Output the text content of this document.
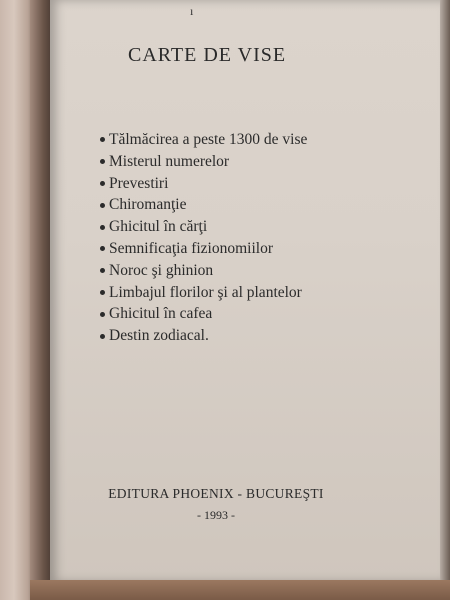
ı
CARTE DE VISE
Tălmăcirea a peste 1300 de vise
Misterul numerelor
Prevestiri
Chiromanţie
Ghicitul în cărţi
Semnificaţia fizionomiilor
Noroc şi ghinion
Limbajul florilor şi al plantelor
Ghicitul în cafea
Destin zodiacal.
EDITURA PHOENIX - BUCUREŞTI
- 1993 -
